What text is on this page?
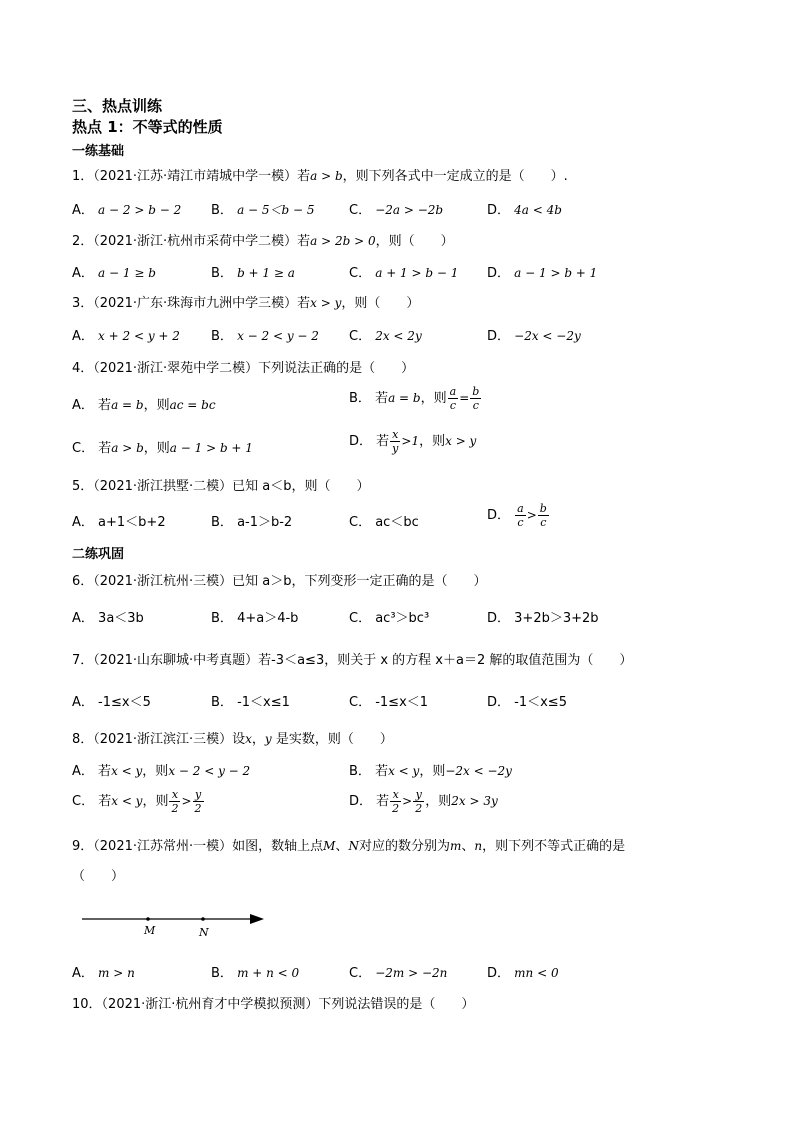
三、热点训练
热点 1：不等式的性质
一练基础
1．（2021·江苏·靖江市靖城中学一模）若a > b，则下列各式中一定成立的是（　　）.
A． a − 2 > b − 2 B． a − 5＜b − 5	C． −2a > −2b	D． 4a < 4b
2．（2021·浙江·杭州市采荷中学二模）若a > 2b > 0，则（　　）
A． a − 1 ≥ b	B． b + 1 ≥ a	C． a + 1 > b − 1 D． a − 1 > b + 1
3．（2021·广东·珠海市九洲中学三模）若x > y，则（　　）
A． x + 2 < y + 2 B． x − 2 < y − 2 C． 2x < 2y	D． −2x < −2y
4．（2021·浙江·翠苑中学二模）下列说法正确的是（　　）
A． 若a = b，则ac = bc	B． 若a = b，则 $\frac{a}{c} = \frac{b}{c}$
C． 若a > b，则a − 1 > b + 1	D． 若 $\frac{x}{y} >1$，则x > y
5．（2021·浙江拱墅·二模）已知 a＜b，则（　　）
A． a+1＜b+2	B． a-1＞b-2	C． ac＜bc	D． $\frac{a}{c} > \frac{b}{c}$
二练巩固
6．（2021·浙江杭州·三模）已知 a＞b，下列变形一定正确的是（　　）
A． 3a＜3b	B． 4+a＞4-b	C． ac³＞bc³	D． 3+2b＞3+2b
7．（2021·山东聊城·中考真题）若-3＜a≤3，则关于 x 的方程 x＋a＝2 解的取值范围为（　　）
A． -1≤x＜5	B． -1＜x≤1	C． -1≤x＜1	D． -1＜x≤5
8．（2021·浙江滨江·三模）设x，y 是实数，则（　　）
A． 若x < y，则x − 2 < y − 2	B． 若x < y，则−2x < −2y
C． 若x < y，则 $\frac{x}{2} > \frac{y}{2}$	D． 若 $\frac{x}{2} > \frac{y}{2}$ ，则2x > 3y
9．（2021·江苏常州·一模）如图，数轴上点M、N对应的数分别为m、n，则下列不等式正确的是
（　　）
M	N
A． m > n	B． m + n < 0	C． −2m > −2n	D． mn < 0
10．（2021·浙江·杭州育才中学模拟预测）下列说法错误的是（　　）
